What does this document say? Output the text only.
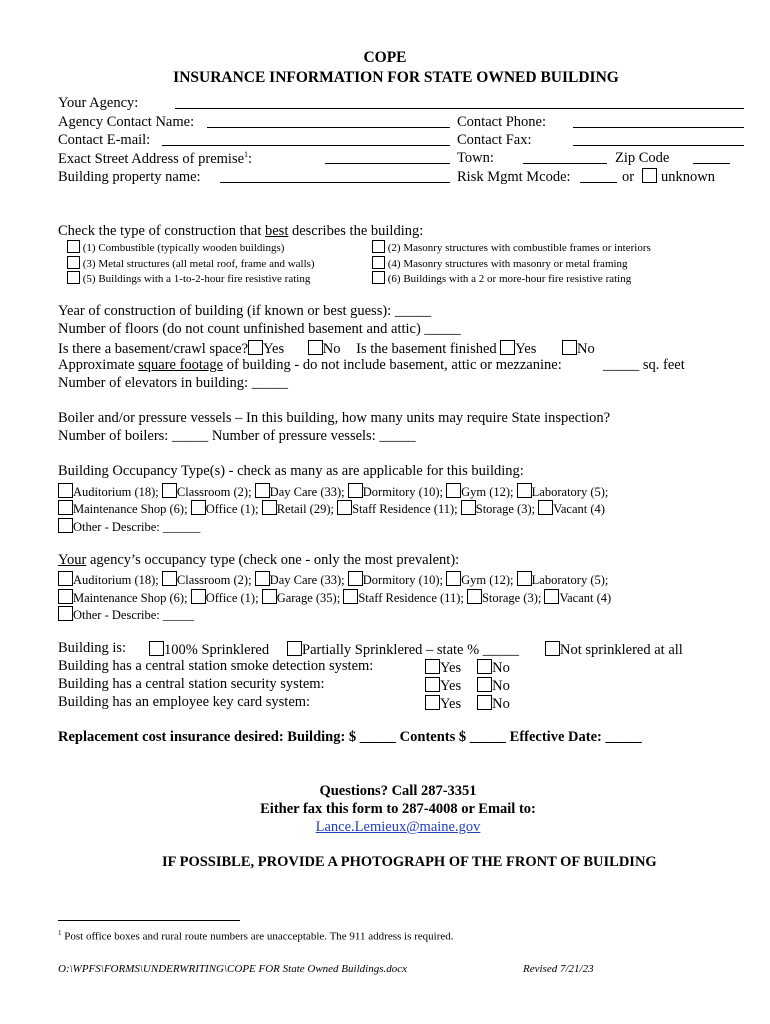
COPE
INSURANCE INFORMATION FOR STATE OWNED BUILDING
Your Agency:
Agency Contact Name:	Contact Phone:
Contact E-mail:	Contact Fax:
Exact Street Address of premise$^1$:	Town:	Zip Code
Building property name:	Risk Mgmt Mcode:	or unknown
Check the type of construction that best describes the building:
(1) Combustible (typically wooden buildings)	(2) Masonry structures with combustible frames or interiors
(3) Metal structures (all metal roof, frame and walls)	(4) Masonry structures with masonry or metal framing
(5) Buildings with a 1-to-2-hour fire resistive rating	(6) Buildings with a 2 or more-hour fire resistive rating
Year of construction of building (if known or best guess): _____
Number of floors (do not count unfinished basement and attic) _____
Is there a basement/crawl space? Yes	No Is the basement finished Yes	No
Approximate square footage of building - do not include basement, attic or mezzanine:	_____ sq. feet
Number of elevators in building: _____
Boiler and/or pressure vessels – In this building, how many units may require State inspection?
Number of boilers: _____ Number of pressure vessels: _____
Building Occupancy Type(s) - check as many as are applicable for this building:
Auditorium (18); Classroom (2); Day Care (33); Dormitory (10); Gym (12); Laboratory (5);
Maintenance Shop (6); Office (1); Retail (29); Staff Residence (11); Storage (3); Vacant (4)
Other - Describe: ______
Your agency’s occupancy type (check one - only the most prevalent):
Auditorium (18); Classroom (2); Day Care (33); Dormitory (10); Gym (12); Laboratory (5);
Maintenance Shop (6); Office (1); Garage (35); Staff Residence (11); Storage (3); Vacant (4)
Other - Describe: _____
Building is:	100% Sprinklered	Partially Sprinklered – state % _____	Not sprinklered at all
Building has a central station smoke detection system:	Yes No
Building has a central station security system:	Yes No
Building has an employee key card system:	Yes No
Replacement cost insurance desired: Building: $ _____ Contents $ _____ Effective Date: _____
Questions? Call 287-3351
Either fax this form to 287-4008 or Email to:
Lance.Lemieux@maine.gov
IF POSSIBLE, PROVIDE A PHOTOGRAPH OF THE FRONT OF BUILDING
$^1$ Post office boxes and rural route numbers are unacceptable. The 911 address is required.
O:\WPFS\FORMS\UNDERWRITING\COPE FOR State Owned Buildings.docx	Revised 7/21/23
